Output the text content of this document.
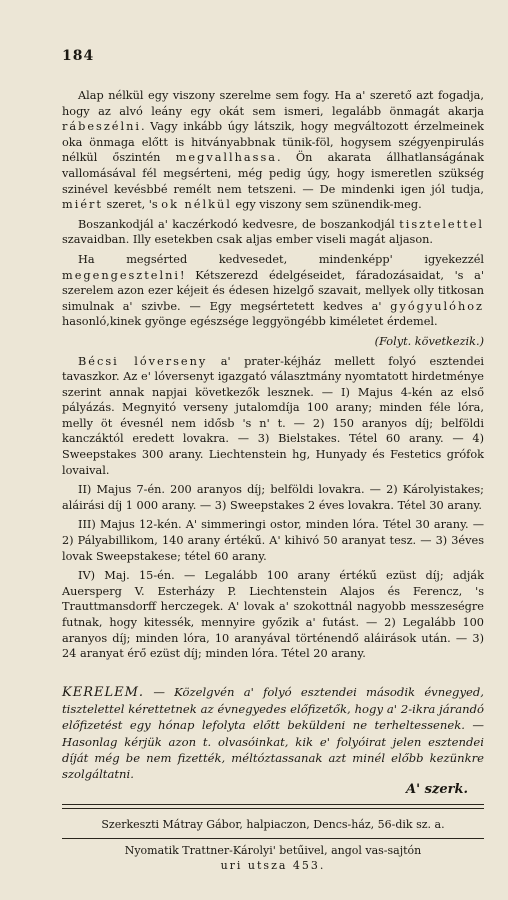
184

Alap nélkül egy viszony szerelme sem fogy. Ha a' szerető azt fogadja, hogy az alvó leány egy okát sem ismeri, legalább önmagát akarja rábeszélni. Vagy inkább úgy látszik, hogy megváltozott érzelmeinek oka önmaga előtt is hitványabbnak tünik-föl, hogysem szégyenpirulás nélkül őszintén megvallhassa. Ön akarata állhatlanságának vallomásával fél megsérteni, még pedig úgy, hogy ismeretlen szükség szinével kevésbbé remélt nem tetszeni. — De mindenki igen jól tudja, miért szeret, 's ok nélkül egy viszony sem szünendik-meg.

Boszankodjál a' kaczérkodó kedvesre, de boszankodjál tisztelettel szavaidban. Illy esetekben csak aljas ember viseli magát aljason.

Ha megsérted kedvesedet, mindenképp' igyekezzél megengesztelni! Kétszerezd édelgéseidet, fáradozásaidat, 's a' szerelem azon ezer kéjeit és édesen hizelgő szavait, mellyek olly titkosan simulnak a' szivbe. — Egy megsértetett kedves a' gyógyulóhoz hasonló,kinek gyönge egészsége leggyöngébb kiméletet érdemel.

(Folyt. következik.)

Bécsi lóverseny a' prater-kéjház mellett folyó esztendei tavaszkor. Az e' lóversenyt igazgató választmány nyomtatott hirdetménye szerint annak napjai következők lesznek. — I) Majus 4-kén az első pályázás. Megnyitó verseny jutalomdíja 100 arany; minden féle lóra, melly öt évesnél nem idősb 's n' t. — 2) 150 aranyos díj; belföldi kanczáktól eredett lovakra. — 3) Bielstakes. Tétel 60 arany. — 4) Sweepstakes 300 arany. Liechtenstein hg, Hunyady és Festetics grófok lovaival.

II) Majus 7-én. 200 aranyos díj; belföldi lovakra. — 2) Károlyistakes; aláirási díj 1 000 arany. — 3) Sweepstakes 2 éves lovakra. Tétel 30 arany.

III) Majus 12-kén. A' simmeringi ostor, minden lóra. Tétel 30 arany. — 2) Pályabillikom, 140 arany értékű. A' kihivó 50 aranyat tesz. — 3) 3éves lovak Sweepstakese; tétel 60 arany.

IV) Maj. 15-én. — Legalább 100 arany értékű ezüst díj; adják Auersperg V. Esterházy P. Liechtenstein Alajos és Ferencz, 's Trauttmansdorff herczegek. A' lovak a' szokottnál nagyobb messzeségre futnak, hogy kitessék, mennyire győzik a' futást. — 2) Legalább 100 aranyos díj; minden lóra, 10 aranyával történendő aláirások után. — 3) 24 aranyat érő ezüst díj; minden lóra. Tétel 20 arany.

KERELEM. — Közelgvén a' folyó esztendei második évnegyed, tisztelettel kérettetnek az évnegyedes előfizetők, hogy a' 2-ikra járandó előfizetést egy hónap lefolyta előtt beküldeni ne terheltessenek. — Hasonlag kérjük azon t. olvasóinkat, kik e' folyóirat jelen esztendei díját még be nem fizették, méltóztassanak azt minél előbb kezünkre szolgáltatni.
A' szerk.
Szerkeszti Mátray Gábor, halpiaczon, Dencs-ház, 56-dik sz. a.
Nyomatik Trattner-Károlyi' betűivel, angol vas-sajtón
uri utsza 453.
